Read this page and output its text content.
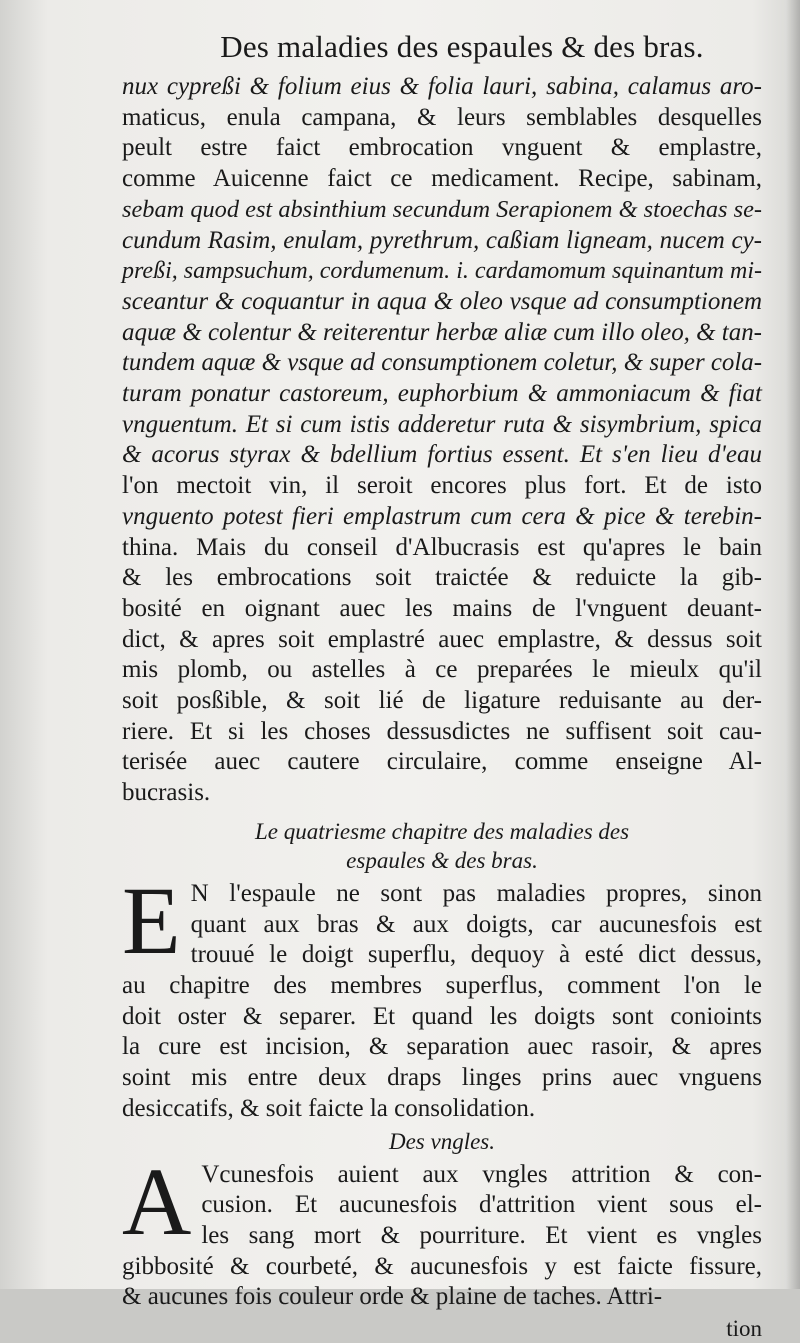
Des maladies des espaules & des bras.
nux cypreßi & folium eius & folia lauri, sabina, calamus aro-
maticus, enula campana, & leurs semblables desquelles
peult estre faict embrocation vnguent & emplastre,
comme Auicenne faict ce medicament. Recipe, sabinam,
sebam quod est absinthium secundum Serapionem & stoechas se-
cundum Rasim, enulam, pyrethrum, caßiam ligneam, nucem cy-
preßi, sampsuchum, cordumenum. i. cardamomum squinantum mi-
sceantur & coquantur in aqua & oleo vsque ad consumptionem
aquæ & colentur & reiterentur herbæ aliæ cum illo oleo, & tan-
tundem aquæ & vsque ad consumptionem coletur, & super cola-
turam ponatur castoreum, euphorbium & ammoniacum & fiat
vnguentum. Et si cum istis adderetur ruta & sisymbrium, spica
& acorus styrax & bdellium fortius essent. Et s'en lieu d'eau
l'on mectoit vin, il seroit encores plus fort. Et de isto
vnguento potest fieri emplastrum cum cera & pice & terebin-
thina. Mais du conseil d'Albucrasis est qu'apres le bain
& les embrocations soit traictée & reduicte la gib-
bosité en oignant auec les mains de l'vnguent deuant-
dict, & apres soit emplastré auec emplastre, & dessus soit
mis plomb, ou astelles à ce preparées le mieulx qu'il
soit posßible, & soit lié de ligature reduisante au der-
riere. Et si les choses dessusdictes ne suffisent soit cau-
terisée auec cautere circulaire, comme enseigne Al-
bucrasis.
Le quatriesme chapitre des maladies des
espaules & des bras.
E N l'espaule ne sont pas maladies propres, sinon
quant aux bras & aux doigts, car aucunesfois est
trouué le doigt superflu, dequoy à esté dict dessus,
au chapitre des membres superflus, comment l'on le
doit oster & separer. Et quand les doigts sont conioints
la cure est incision, & separation auec rasoir, & apres
soint mis entre deux draps linges prins auec vnguens
desiccatifs, & soit faicte la consolidation.
Des vngles.
A Vcunesfois auient aux vngles attrition & con-
cusion. Et aucunesfois d'attrition vient sous el-
les sang mort & pourriture. Et vient es vngles
gibbosité & courbeté, & aucunesfois y est faicte fissure,
& aucunes fois couleur orde & plaine de taches. Attri-
tion
